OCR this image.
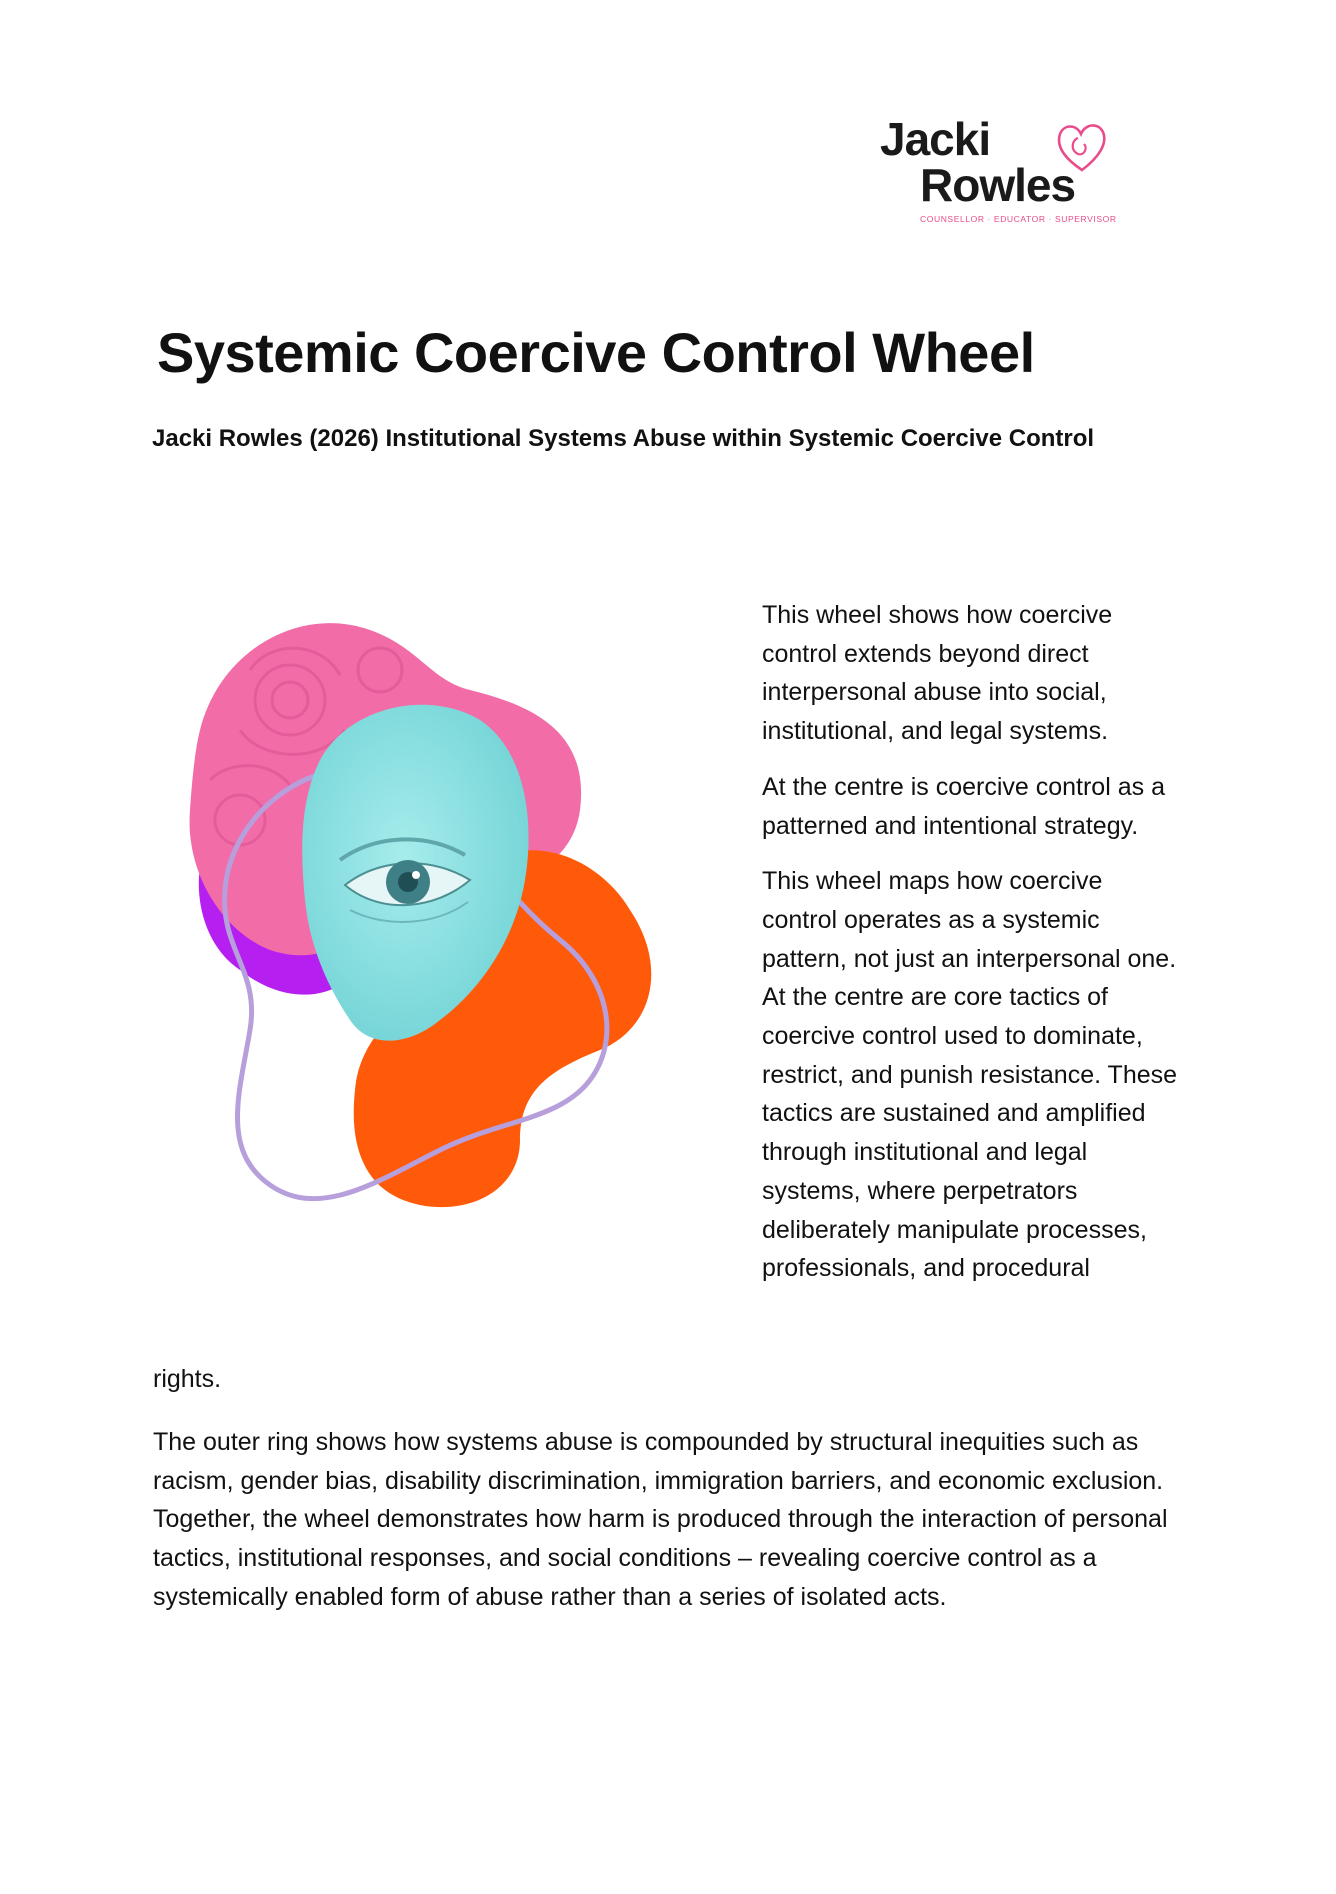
Jacki

Rowles

COUNSELLOR · EDUCATOR · SUPERVISOR

Systemic Coercive Control Wheel
Jacki Rowles (2026) Institutional Systems Abuse within Systemic Coercive Control

This wheel shows how coercive control extends beyond direct interpersonal abuse into social, institutional, and legal systems.

At the centre is coercive control as a patterned and intentional strategy.

This wheel maps how coercive control operates as a systemic pattern, not just an interpersonal one. At the centre are core tactics of coercive control used to dominate, restrict, and punish resistance. These tactics are sustained and amplified through institutional and legal systems, where perpetrators deliberately manipulate processes, professionals, and procedural

rights.

The outer ring shows how systems abuse is compounded by structural inequities such as racism, gender bias, disability discrimination, immigration barriers, and economic exclusion. Together, the wheel demonstrates how harm is produced through the interaction of personal tactics, institutional responses, and social conditions – revealing coercive control as a systemically enabled form of abuse rather than a series of isolated acts.
